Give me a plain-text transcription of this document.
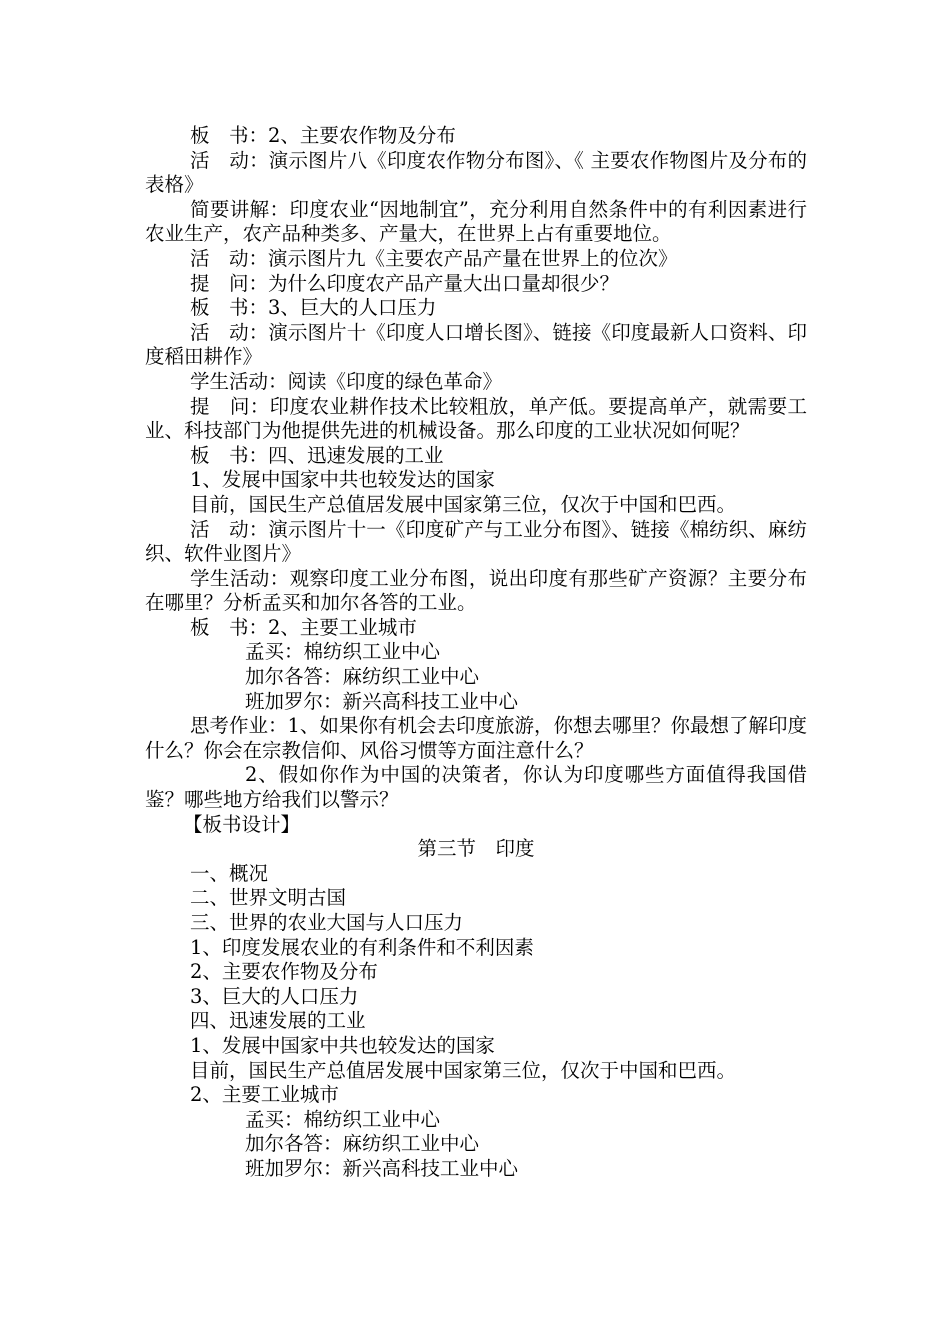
板　书：2、主要农作物及分布

活　动：演示图片八《印度农作物分布图》、《 主要农作物图片及分布的表格》

简要讲解：印度农业“因地制宜”，充分利用自然条件中的有利因素进行农业生产，农产品种类多、产量大，在世界上占有重要地位。

活　动：演示图片九《主要农产品产量在世界上的位次》

提　问：为什么印度农产品产量大出口量却很少？

板　书：3、巨大的人口压力

活　动：演示图片十《印度人口增长图》、链接《印度最新人口资料、印度稻田耕作》

学生活动：阅读《印度的绿色革命》

提　问：印度农业耕作技术比较粗放，单产低。要提高单产，就需要工业、科技部门为他提供先进的机械设备。那么印度的工业状况如何呢？

板　书：四、迅速发展的工业

1、发展中国家中共也较发达的国家

目前，国民生产总值居发展中国家第三位，仅次于中国和巴西。

活　动：演示图片十一《印度矿产与工业分布图》、链接《棉纺织、麻纺织、软件业图片》

学生活动：观察印度工业分布图，说出印度有那些矿产资源？主要分布在哪里？分析孟买和加尔各答的工业。

板　书：2、主要工业城市

孟买：棉纺织工业中心

加尔各答：麻纺织工业中心

班加罗尔：新兴高科技工业中心

思考作业：1、如果你有机会去印度旅游，你想去哪里？你最想了解印度什么？你会在宗教信仰、风俗习惯等方面注意什么？

2、假如你作为中国的决策者，你认为印度哪些方面值得我国借鉴？哪些地方给我们以警示？

【板书设计】

第三节　印度

一、概况

二、世界文明古国

三、世界的农业大国与人口压力

1、印度发展农业的有利条件和不利因素

2、主要农作物及分布

3、巨大的人口压力

四、迅速发展的工业

1、发展中国家中共也较发达的国家

目前，国民生产总值居发展中国家第三位，仅次于中国和巴西。

2、主要工业城市

孟买：棉纺织工业中心

加尔各答：麻纺织工业中心

班加罗尔：新兴高科技工业中心
